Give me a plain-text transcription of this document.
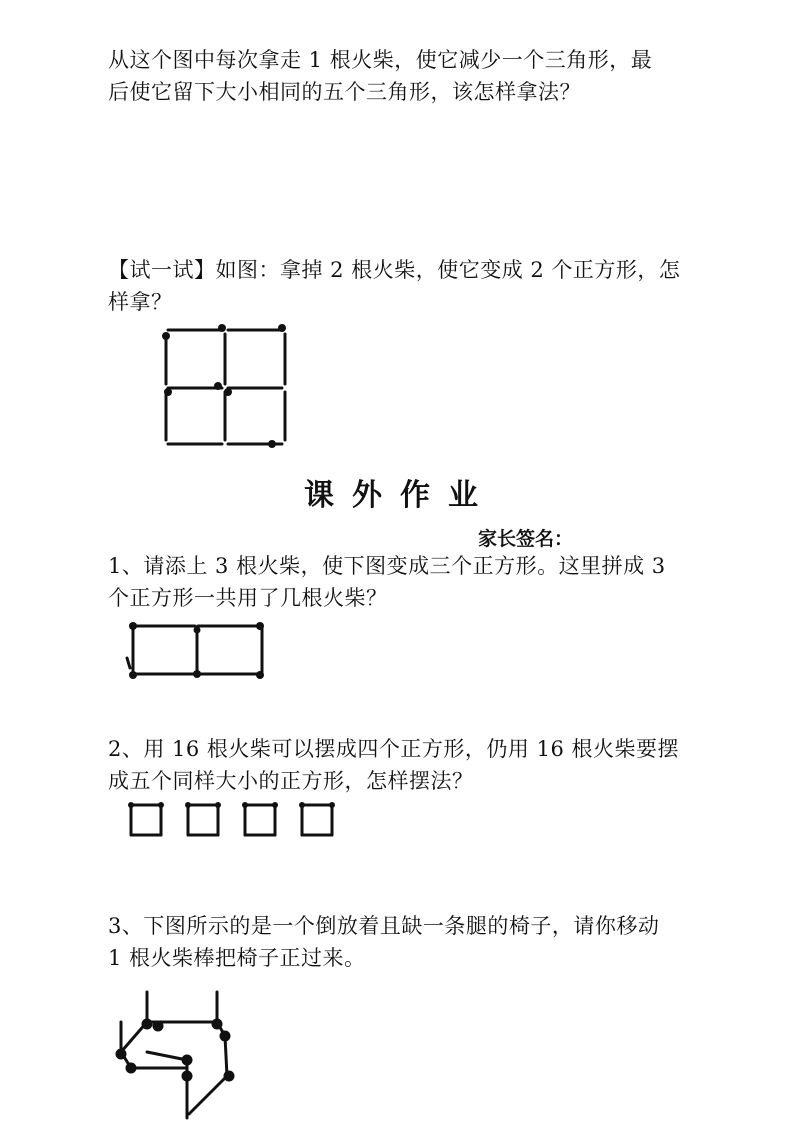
从这个图中每次拿走 1 根火柴，使它减少一个三角形，最
后使它留下大小相同的五个三角形，该怎样拿法？
【试一试】如图：拿掉 2 根火柴，使它变成 2 个正方形，怎
样拿？
课外作业
家长签名：
1、请添上 3 根火柴，使下图变成三个正方形。这里拼成 3
个正方形一共用了几根火柴？
2、用 16 根火柴可以摆成四个正方形，仍用 16 根火柴要摆
成五个同样大小的正方形，怎样摆法？
3、下图所示的是一个倒放着且缺一条腿的椅子，请你移动
1 根火柴棒把椅子正过来。
